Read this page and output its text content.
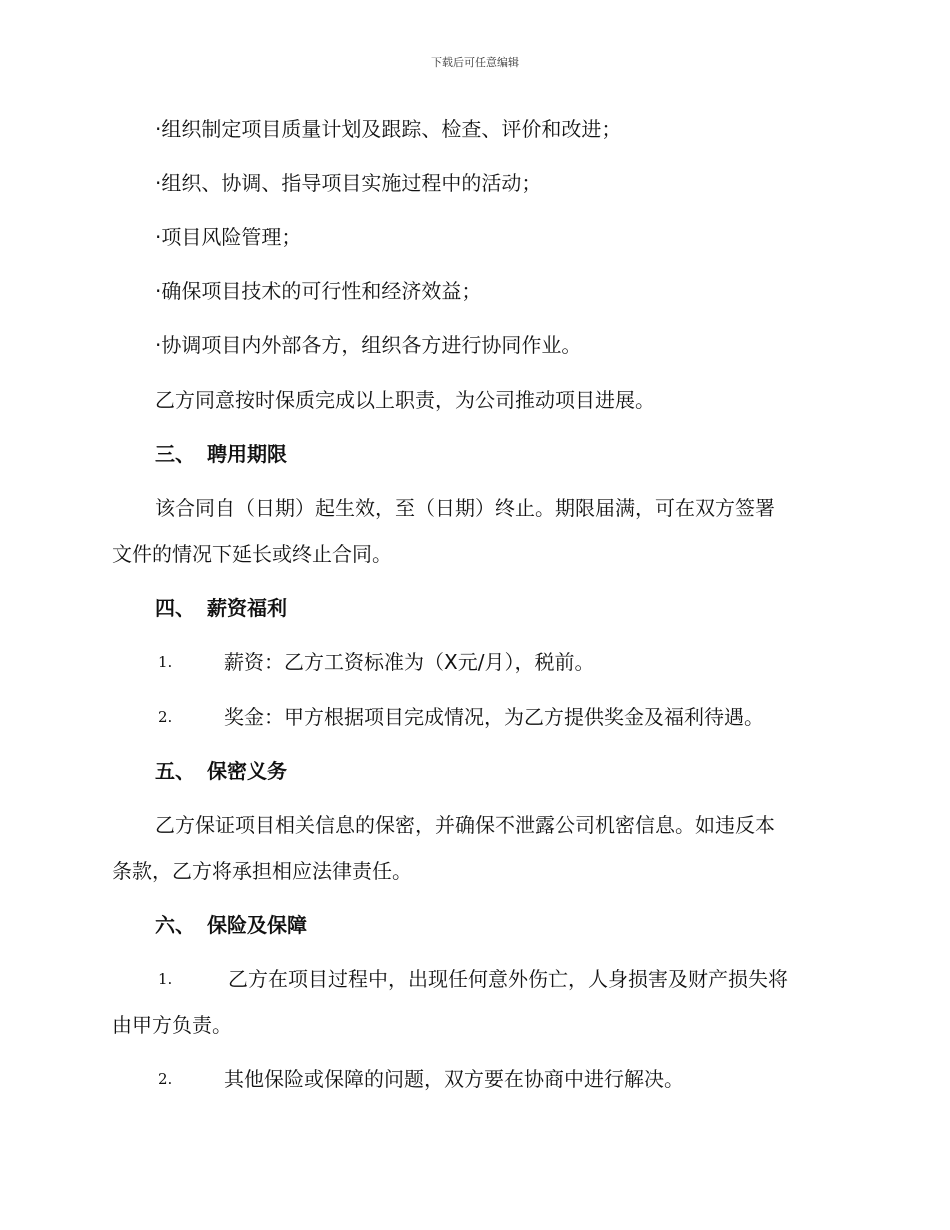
下载后可任意编辑
·组织制定项目质量计划及跟踪、检查、评价和改进；
·组织、协调、指导项目实施过程中的活动；
·项目风险管理；
·确保项目技术的可行性和经济效益；
·协调项目内外部各方，组织各方进行协同作业。
乙方同意按时保质完成以上职责，为公司推动项目进展。
三、 聘用期限
该合同自（日期）起生效，至（日期）终止。期限届满，可在双方签署
文件的情况下延长或终止合同。
四、 薪资福利
1.	薪资：乙方工资标准为（X元/月），税前。
2.	奖金：甲方根据项目完成情况，为乙方提供奖金及福利待遇。
五、 保密义务
乙方保证项目相关信息的保密，并确保不泄露公司机密信息。如违反本
条款，乙方将承担相应法律责任。
六、 保险及保障
1.	乙方在项目过程中，出现任何意外伤亡，人身损害及财产损失将
由甲方负责。
2.	其他保险或保障的问题，双方要在协商中进行解决。
